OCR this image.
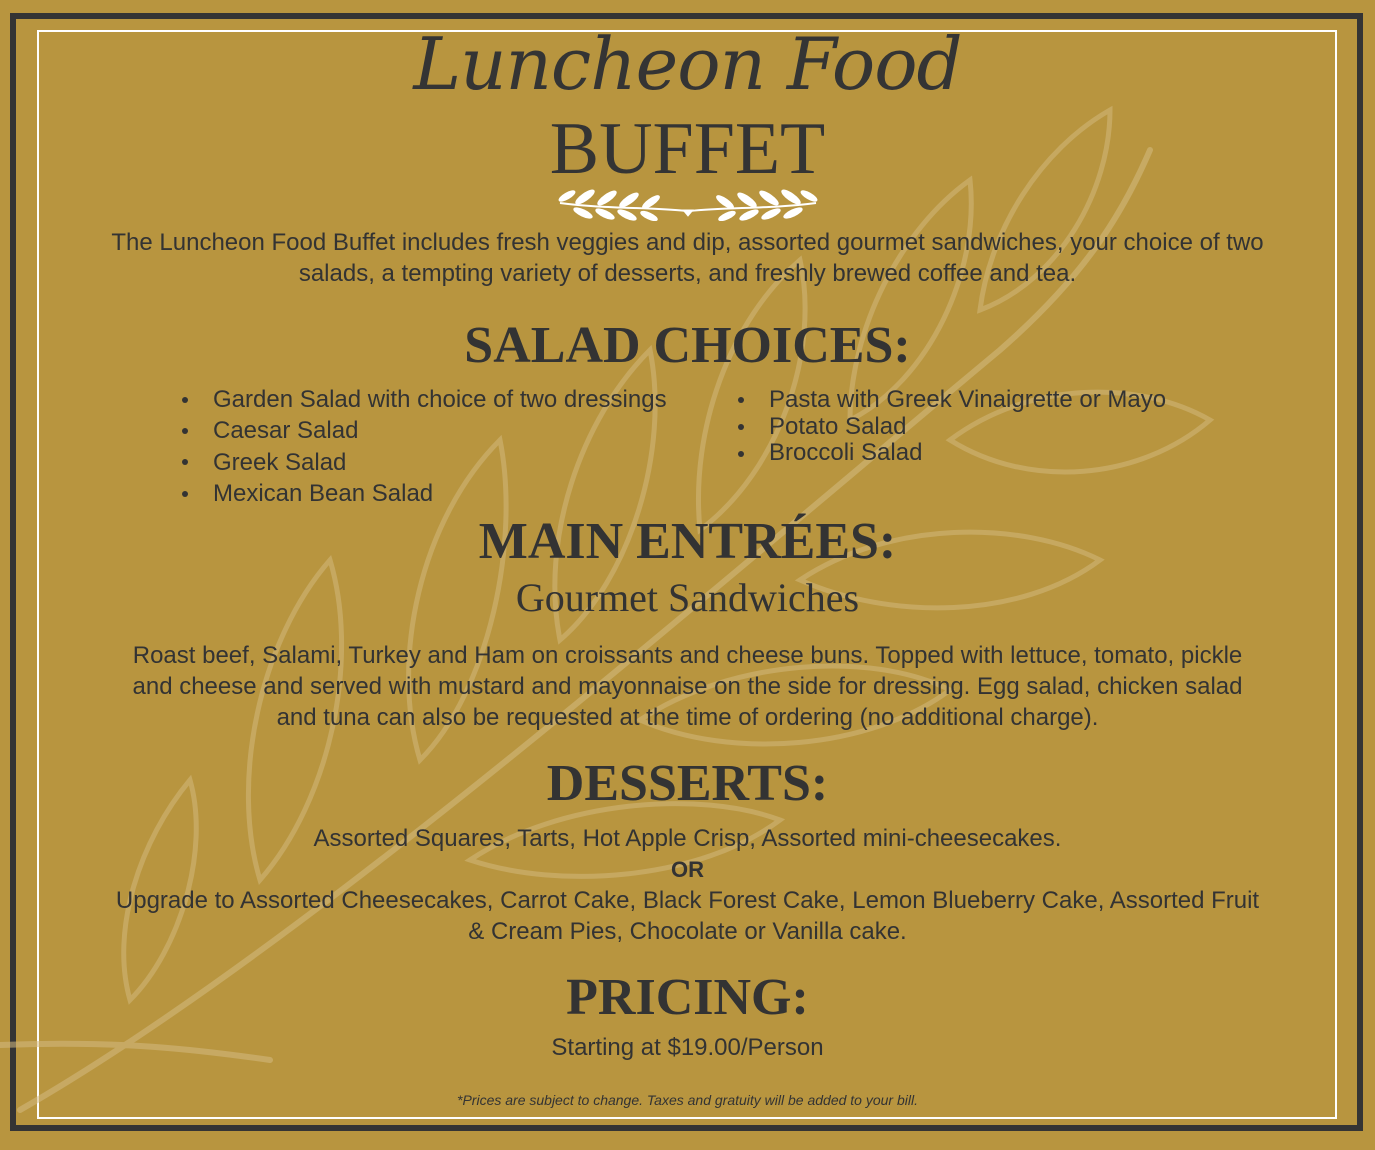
Luncheon Food
BUFFET
The Luncheon Food Buffet includes fresh veggies and dip, assorted gourmet sandwiches, your choice of two salads, a tempting variety of desserts, and freshly brewed coffee and tea.
SALAD CHOICES:
Garden Salad with choice of two dressings
Caesar Salad
Greek Salad
Mexican Bean Salad
Pasta with Greek Vinaigrette or Mayo
Potato Salad
Broccoli Salad
MAIN ENTRÉES:
Gourmet Sandwiches
Roast beef, Salami, Turkey and Ham on croissants and cheese buns. Topped with lettuce, tomato, pickle and cheese and served with mustard and mayonnaise on the side for dressing. Egg salad, chicken salad and tuna can also be requested at the time of ordering (no additional charge).
DESSERTS:
Assorted Squares, Tarts, Hot Apple Crisp, Assorted mini-cheesecakes.
OR
Upgrade to Assorted Cheesecakes, Carrot Cake, Black Forest Cake, Lemon Blueberry Cake, Assorted Fruit & Cream Pies, Chocolate or Vanilla cake.
PRICING:
Starting at $19.00/Person
*Prices are subject to change. Taxes and gratuity will be added to your bill.
